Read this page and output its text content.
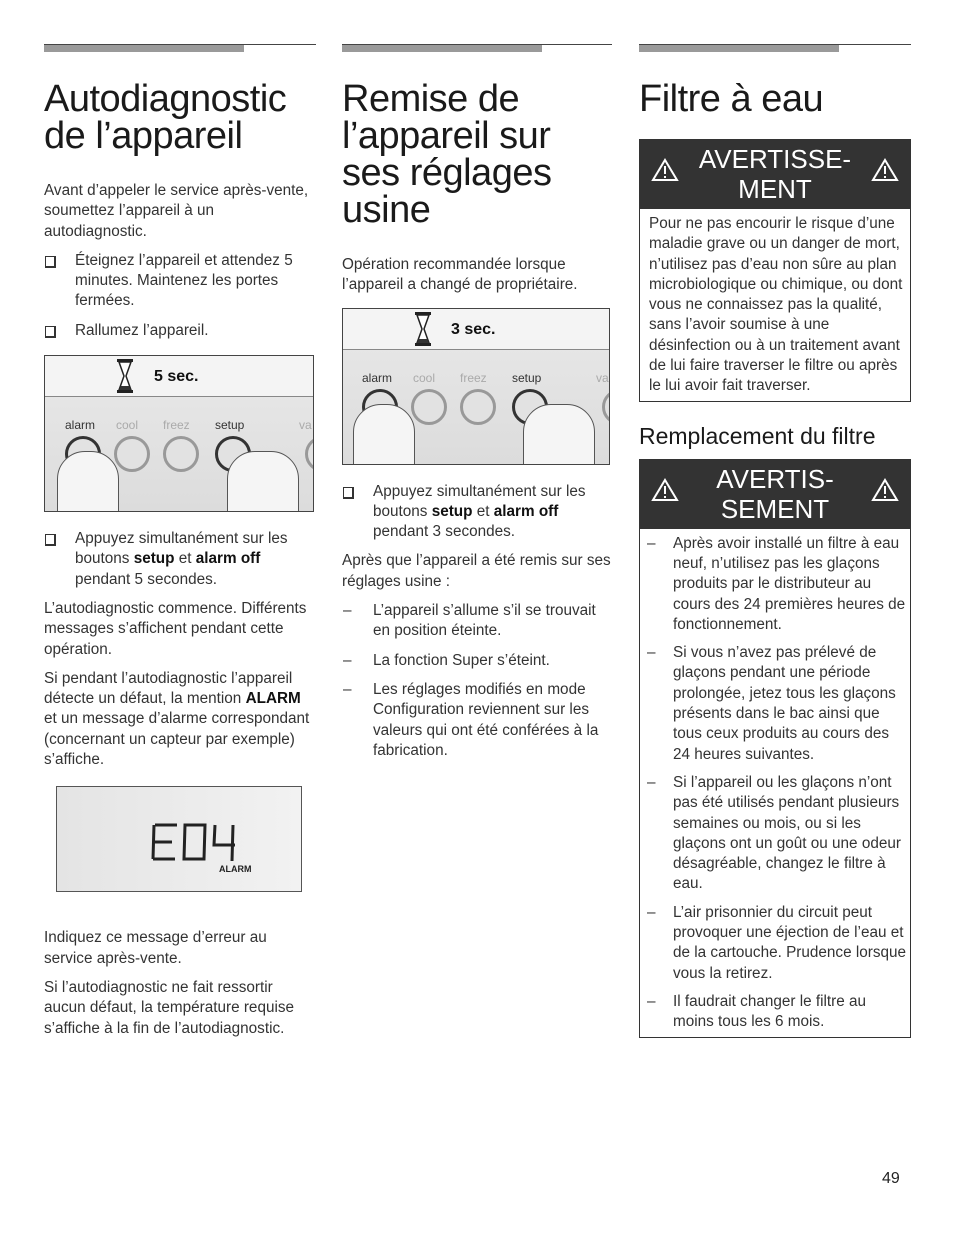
Autodiagnostic de l’appareil

Avant d’appeler le service après-vente, soumettez l’appareil à un autodiagnostic.

Éteignez l’appareil et attendez 5 minutes. Maintenez les portes fermées.
Rallumez l’appareil.
5 sec.
alarm cool freez setup	va
Appuyez simultanément sur les boutons setup et alarm off pendant 5 secondes.

L’autodiagnostic commence. Différents messages s’affichent pendant cette opération.

Si pendant l’autodiagnostic l’appareil détecte un défaut, la mention ALARM et un message d’alarme correspondant (concernant un capteur par exemple) s’affiche.

ALARM

Indiquez ce message d’erreur au service après-vente.

Si l’autodiagnostic ne fait ressortir aucun défaut, la température requise s’affiche à la fin de l’autodiagnostic.

Remise de l’appareil sur ses réglages usine

Opération recommandée lorsque l’appareil a changé de propriétaire.

3 sec.
alarm cool freez setup	va
Appuyez simultanément sur les boutons setup et alarm off pendant 3 secondes.

Après que l’appareil a été remis sur ses réglages usine :

– L’appareil s’allume s’il se trouvait en position éteinte.
– La fonction Super s’éteint.
– Les réglages modifiés en mode Configuration reviennent sur les valeurs qui ont été conférées à la fabrication.
Filtre à eau
AVERTISSE-
MENT

Pour ne pas encourir le risque d’une maladie grave ou un danger de mort, n’utilisez pas d’eau non sûre au plan microbiologique ou chimique, ou dont vous ne connaissez pas la qualité, sans l’avoir soumise à une désinfection ou à un traitement avant de lui faire traverser le filtre ou après le lui avoir fait traverser.

Remplacement du filtre
AVERTIS-
SEMENT
– Après avoir installé un filtre à eau neuf, n’utilisez pas les glaçons produits par le distributeur au cours des 24 premières heures de fonctionnement.
– Si vous n’avez pas prélevé de glaçons pendant une période prolongée, jetez tous les glaçons présents dans le bac ainsi que tous ceux produits au cours des 24 heures suivantes.
– Si l’appareil ou les glaçons n’ont pas été utilisés pendant plusieurs semaines ou mois, ou si les glaçons ont un goût ou une odeur désagréable, changez le filtre à eau.
– L’air prisonnier du circuit peut provoquer une éjection de l’eau et de la cartouche. Prudence lorsque vous la retirez.
– Il faudrait changer le filtre au moins tous les 6 mois.
49
